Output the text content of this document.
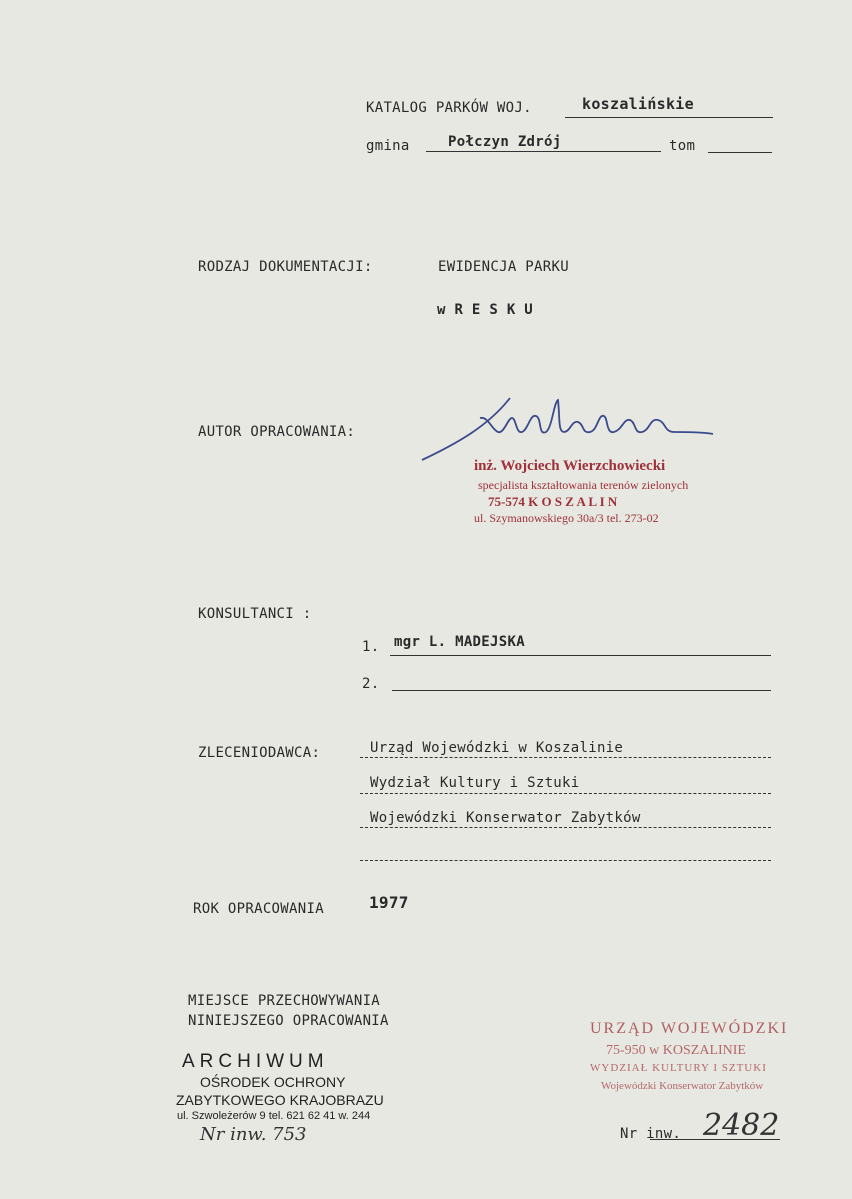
KATALOG PARKÓW WOJ.	koszalińskie
gmina	Połczyn Zdrój	tom
RODZAJ DOKUMENTACJI:	EWIDENCJA PARKU
w R E S K U
AUTOR OPRACOWANIA:
inż. Wojciech Wierzchowiecki
specjalista kształtowania terenów zielonych
75-574 K O S Z A L I N
ul. Szymanowskiego 30a/3 tel. 273-02
KONSULTANCI :
1. mgr L. MADEJSKA
2.
ZLECENIODAWCA:	Urząd Wojewódzki w Koszalinie
Wydział Kultury i Sztuki
Wojewódzki Konserwator Zabytków
ROK OPRACOWANIA	1977
MIEJSCE PRZECHOWYWANIA
NINIEJSZEGO OPRACOWANIA
ARCHIWUM
OŚRODEK OCHRONY
ZABYTKOWEGO KRAJOBRAZU
ul. Szwoleżerów 9 tel. 621 62 41 w. 244
Nr inw. 753
URZĄD WOJEWÓDZKI
75-950 w KOSZALINIE
WYDZIAŁ KULTURY I SZTUKI
Wojewódzki Konserwator Zabytków
Nr inw. 2482
